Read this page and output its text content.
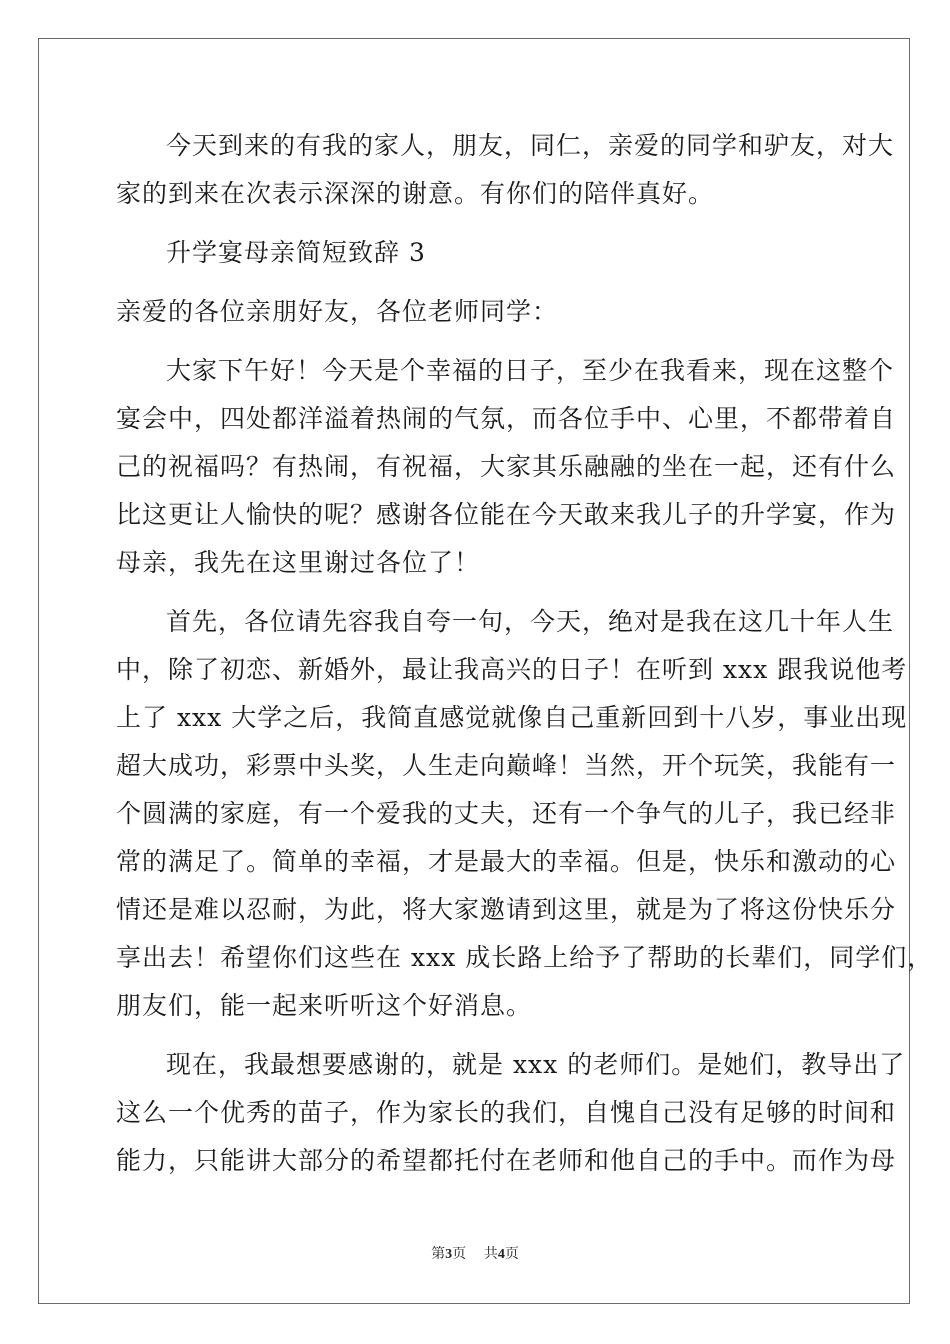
今天到来的有我的家人，朋友，同仁，亲爱的同学和驴友，对大
家的到来在次表示深深的谢意。有你们的陪伴真好。
升学宴母亲简短致辞 3
亲爱的各位亲朋好友，各位老师同学：
大家下午好！今天是个幸福的日子，至少在我看来，现在这整个
宴会中，四处都洋溢着热闹的气氛，而各位手中、心里，不都带着自
己的祝福吗？有热闹，有祝福，大家其乐融融的坐在一起，还有什么
比这更让人愉快的呢？感谢各位能在今天敢来我儿子的升学宴，作为
母亲，我先在这里谢过各位了！
首先，各位请先容我自夸一句，今天，绝对是我在这几十年人生
中，除了初恋、新婚外，最让我高兴的日子！在听到 xxx 跟我说他考
上了 xxx 大学之后，我简直感觉就像自己重新回到十八岁，事业出现
超大成功，彩票中头奖，人生走向巅峰！当然，开个玩笑，我能有一
个圆满的家庭，有一个爱我的丈夫，还有一个争气的儿子，我已经非
常的满足了。简单的幸福，才是最大的幸福。但是，快乐和激动的心
情还是难以忍耐，为此，将大家邀请到这里，就是为了将这份快乐分
享出去！希望你们这些在 xxx 成长路上给予了帮助的长辈们，同学们，
朋友们，能一起来听听这个好消息。
现在，我最想要感谢的，就是 xxx 的老师们。是她们，教导出了
这么一个优秀的苗子，作为家长的我们，自愧自己没有足够的时间和
能力，只能讲大部分的希望都托付在老师和他自己的手中。而作为母
第3页 共4页
